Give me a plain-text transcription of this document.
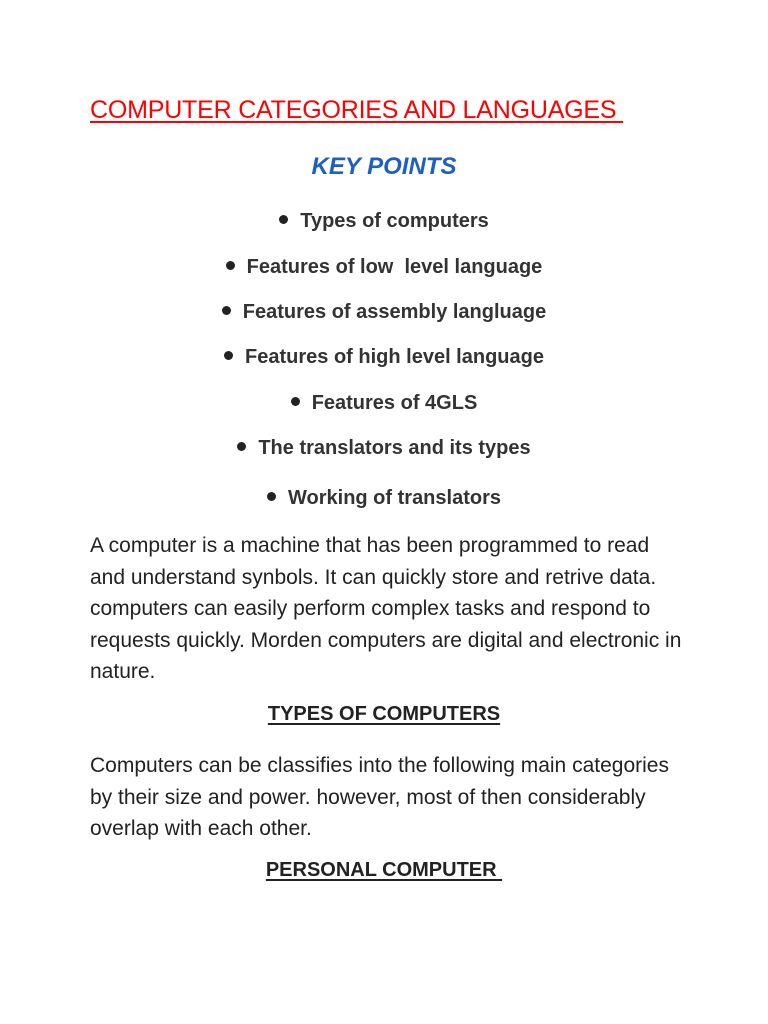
COMPUTER CATEGORIES AND LANGUAGES
KEY POINTS
Types of computers
Features of low  level language
Features of assembly langluage
Features of high level language
Features of 4GLS
The translators and its types
Working of translators

A computer is a machine that has been programmed to read and understand synbols. It can quickly store and retrive data. computers can easily perform complex tasks and respond to requests quickly. Morden computers are digital and electronic in nature.

TYPES OF COMPUTERS

Computers can be classifies into the following main categories by their size and power. however, most of then considerably overlap with each other.

PERSONAL COMPUTER
